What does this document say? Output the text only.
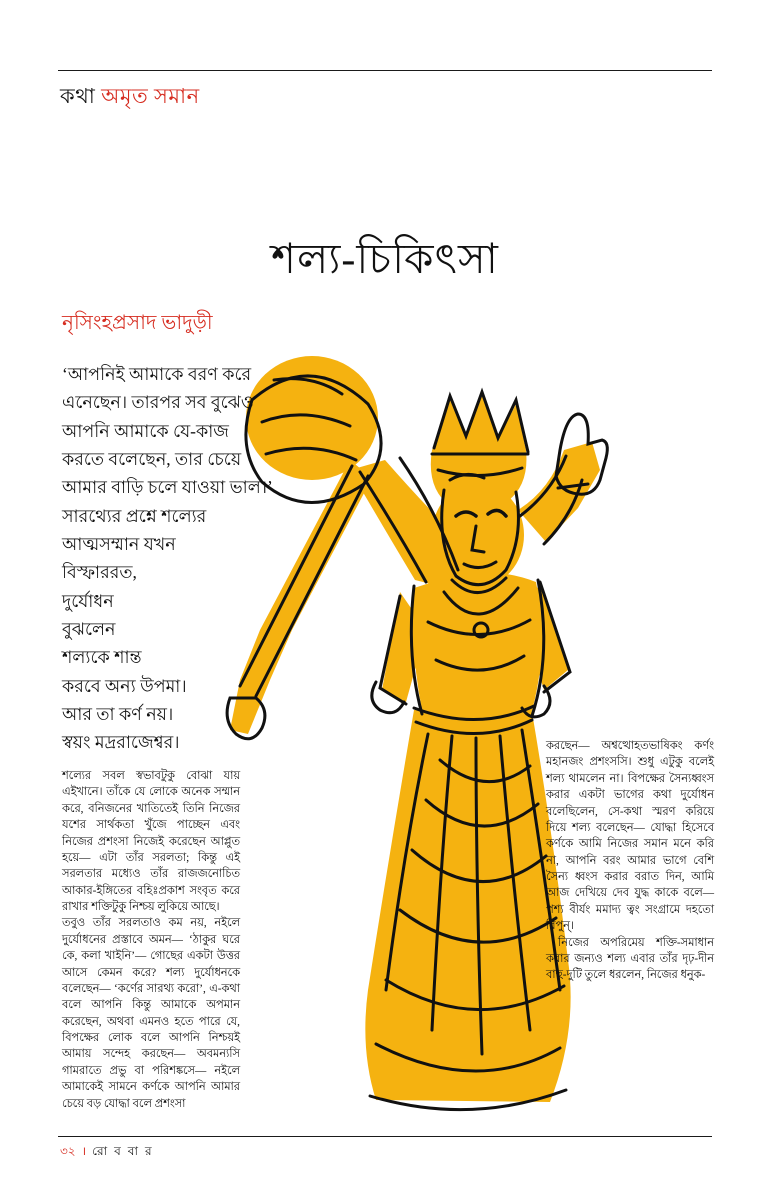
কথা অমৃত সমান
শল্য-চিকিৎসা
নৃসিংহপ্রসাদ ভাদুড়ী
‘আপনিই আমাকে বরণ করে
এনেছেন। তারপর সব বুঝেও
আপনি আমাকে যে-কাজ
করতে বলেছেন, তার চেয়ে
আমার বাড়ি চলে যাওয়া ভাল।’
সারথ্যের প্রশ্নে শল্যের
আত্মসম্মান যখন
বিস্ফাররত,
দুর্যোধন
বুঝলেন
শল্যকে শান্ত
করবে অন্য উপমা।
আর তা কর্ণ নয়।
স্বয়ং মদ্ররাজেশ্বর।

শল্যের সবল স্বভাবটুকু বোঝা যায় এইখানে। তাঁকে যে লোকে অনেক সম্মান করে, বনিজনের খাতিতেই তিনি নিজের যশের সার্থকতা খুঁজে পাচ্ছেন এবং নিজের প্রশংসা নিজেই করেছেন আপ্লুত হয়ে— এটা তাঁর সরলতা; কিন্তু এই সরলতার মধ্যেও তাঁর রাজজনোচিত আকার-ইঙ্গিতের বহিঃপ্রকাশ সংবৃত করে রাখার শক্তিটুকু নিশ্চয় লুকিয়ে আছে।

তবুও তাঁর সরলতাও কম নয়, নইলে দুর্যোধনের প্রস্তাবে অমন— ‘ঠাকুর ঘরে কে, কলা খাইনি’— গোছের একটা উত্তর আসে কেমন করে? শল্য দুর্যোধনকে বলেছেন— ‘কর্ণের সারথ্য করো’, এ-কথা বলে আপনি কিন্তু আমাকে অপমান করেছেন, অথবা এমনও হতে পারে যে, বিপক্ষের লোক বলে আপনি নিশ্চয়ই আমায় সন্দেহ করছেন— অবমন্যসি গামরাতে প্রভু বা পরিশঙ্কসে— নইলে আমাকেই সামনে কর্ণকে আপনি আমার চেয়ে বড় যোদ্ধা বলে প্রশংসা

করছেন— অশ্বত্থোহতভাষিকং কর্ণং মহানজং প্রশংসসি। শুধু এটুকু বলেই শল্য থামলেন না। বিপক্ষের সৈন্যধ্বংস করার একটা ভাগের কথা দুর্যোধন বলেছিলেন, সে-কথা স্মরণ করিয়ে দিয়ে শল্য বলেছেন— যোদ্ধা হিসেবে কর্ণকে আমি নিজের সমান মনে করি না, আপনি বরং আমার ভাগে বেশি সৈন্য ধ্বংস করার বরাত দিন, আমি আজ দেখিয়ে দেব যুদ্ধ কাকে বলে— পশ্য বীর্যং মমাদ্য ত্বং সংগ্রামে দহতো রিপুন্।

নিজের অপরিমেয় শক্তি-সমাধান করার জন্যও শল্য এবার তাঁর দৃঢ়-দীন বাহু-দুটি তুলে ধরলেন, নিজের ধনুক-

৩২ । রো ব বা র
